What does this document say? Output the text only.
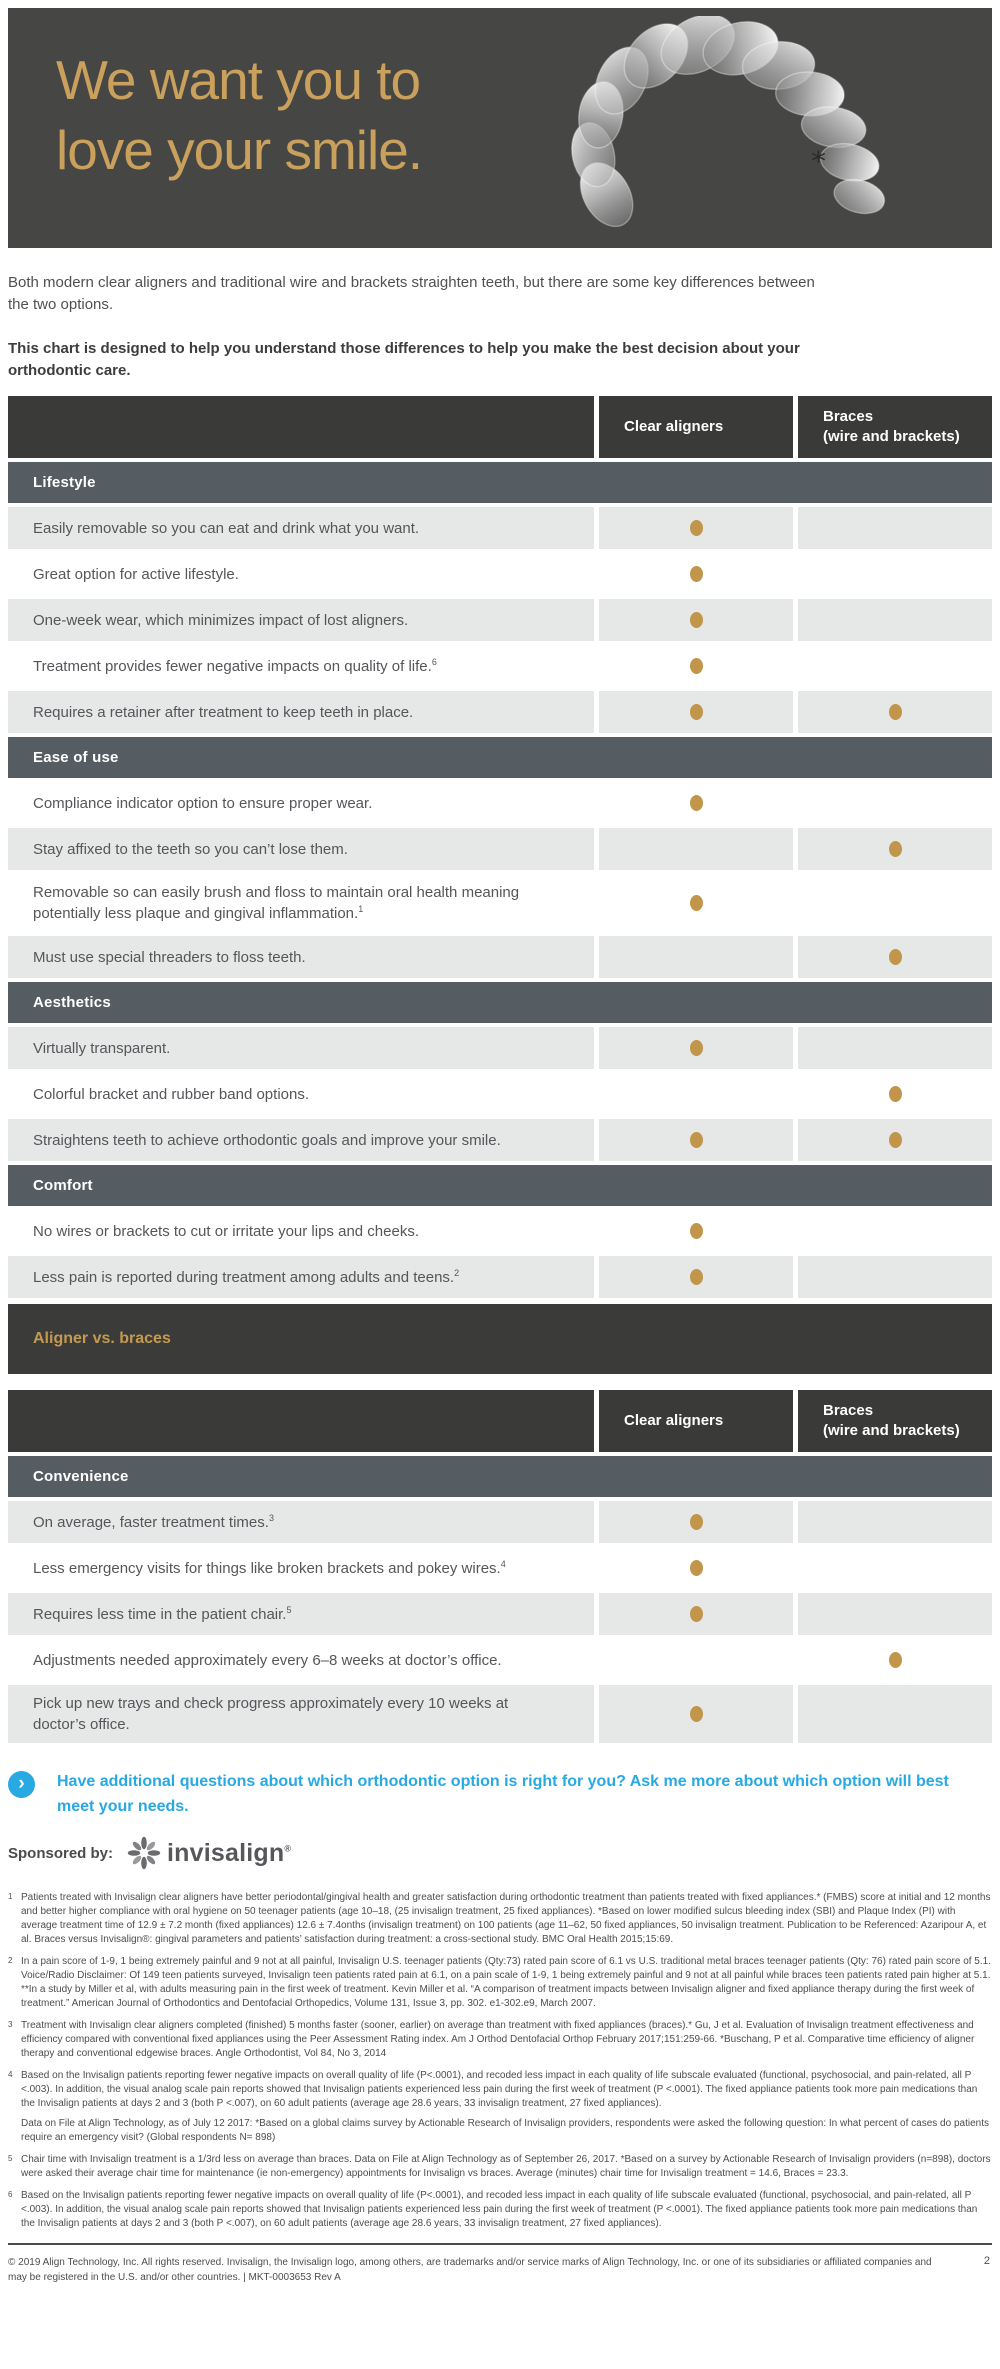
We want you to
love your smile.

Both modern clear aligners and traditional wire and brackets straighten teeth, but there are some key differences between the two options.

This chart is designed to help you understand those differences to help you make the best decision about your orthodontic care.

Clear aligners
Braces
(wire and brackets)
Lifestyle
Easily removable so you can eat and drink what you want.
Great option for active lifestyle.
One-week wear, which minimizes impact of lost aligners.
Treatment provides fewer negative impacts on quality of life.$^6$
Requires a retainer after treatment to keep teeth in place.
Ease of use
Compliance indicator option to ensure proper wear.
Stay affixed to the teeth so you can’t lose them.
Removable so can easily brush and floss to maintain oral health meaning potentially less plaque and gingival inflammation.$^1$
Must use special threaders to floss teeth.
Aesthetics
Virtually transparent.
Colorful bracket and rubber band options.
Straightens teeth to achieve orthodontic goals and improve your smile.
Comfort
No wires or brackets to cut or irritate your lips and cheeks.
Less pain is reported during treatment among adults and teens.$^2$
Aligner vs. braces
Clear aligners
Braces
(wire and brackets)
Convenience
On average, faster treatment times.$^3$
Less emergency visits for things like broken brackets and pokey wires.$^4$
Requires less time in the patient chair.$^5$
Adjustments needed approximately every 6–8 weeks at doctor’s office.
Pick up new trays and check progress approximately every 10 weeks at doctor’s office.
›	Have additional questions about which orthodontic option is right for you? Ask me more about which option will best meet your needs.
Sponsored by: invisalign®
1 Patients treated with Invisalign clear aligners have better periodontal/gingival health and greater satisfaction during orthodontic treatment than patients treated with fixed appliances.* (FMBS) score at initial and 12 months and better higher compliance with oral hygiene on 50 teenager patients (age 10–18, (25 invisalign treatment, 25 fixed appliances). *Based on lower modified sulcus bleeding index (SBI) and Plaque Index (PI) with average treatment time of 12.9 ± 7.2 month (fixed appliances) 12.6 ± 7.4onths (invisalign treatment) on 100 patients (age 11–62, 50 fixed appliances, 50 invisalign treatment. Publication to be Referenced: Azaripour A, et al. Braces versus Invisalign®: gingival parameters and patients’ satisfaction during treatment: a cross-sectional study. BMC Oral Health 2015;15:69.

2 In a pain score of 1-9, 1 being extremely painful and 9 not at all painful, Invisalign U.S. teenager patients (Qty:73) rated pain score of 6.1 vs U.S. traditional metal braces teenager patients (Qty: 76) rated pain score of 5.1. Voice/Radio Disclaimer: Of 149 teen patients surveyed, Invisalign teen patients rated pain at 6.1, on a pain scale of 1-9, 1 being extremely painful and 9 not at all painful while braces teen patients rated pain higher at 5.1. **In a study by Miller et al, with adults measuring pain in the first week of treatment. Kevin Miller et al. “A comparison of treatment impacts between Invisalign aligner and fixed appliance therapy during the first week of treatment.” American Journal of Orthodontics and Dentofacial Orthopedics, Volume 131, Issue 3, pp. 302. e1-302.e9, March 2007.

3 Treatment with Invisalign clear aligners completed (finished) 5 months faster (sooner, earlier) on average than treatment with fixed appliances (braces).* Gu, J et al. Evaluation of Invisalign treatment effectiveness and efficiency compared with conventional fixed appliances using the Peer Assessment Rating index. Am J Orthod Dentofacial Orthop February 2017;151:259-66. *Buschang, P et al. Comparative time efficiency of aligner therapy and conventional edgewise braces. Angle Orthodontist, Vol 84, No 3, 2014

4 Based on the Invisalign patients reporting fewer negative impacts on overall quality of life (P<.0001), and recoded less impact in each quality of life subscale evaluated (functional, psychosocial, and pain-related, all P <.003). In addition, the visual analog scale pain reports showed that Invisalign patients experienced less pain during the first week of treatment (P <.0001). The fixed appliance patients took more pain medications than the Invisalign patients at days 2 and 3 (both P <.007), on 60 adult patients (average age 28.6 years, 33 invisalign treatment, 27 fixed appliances).

Data on File at Align Technology, as of July 12 2017: *Based on a global claims survey by Actionable Research of Invisalign providers, respondents were asked the following question: In what percent of cases do patients require an emergency visit? (Global respondents N= 898)

5 Chair time with Invisalign treatment is a 1/3rd less on average than braces. Data on File at Align Technology as of September 26, 2017. *Based on a survey by Actionable Research of Invisalign providers (n=898), doctors were asked their average chair time for maintenance (ie non-emergency) appointments for Invisalign vs braces. Average (minutes) chair time for Invisalign treatment = 14.6, Braces = 23.3.

6 Based on the Invisalign patients reporting fewer negative impacts on overall quality of life (P<.0001), and recoded less impact in each quality of life subscale evaluated (functional, psychosocial, and pain-related, all P <.003). In addition, the visual analog scale pain reports showed that Invisalign patients experienced less pain during the first week of treatment (P <.0001). The fixed appliance patients took more pain medications than the Invisalign patients at days 2 and 3 (both P <.007), on 60 adult patients (average age 28.6 years, 33 invisalign treatment, 27 fixed appliances).

© 2019 Align Technology, Inc. All rights reserved. Invisalign, the Invisalign logo, among others, are trademarks and/or service marks of Align Technology, Inc. or one of its subsidiaries or affiliated companies and may be registered in the U.S. and/or other countries. | MKT-0003653 Rev A
2
